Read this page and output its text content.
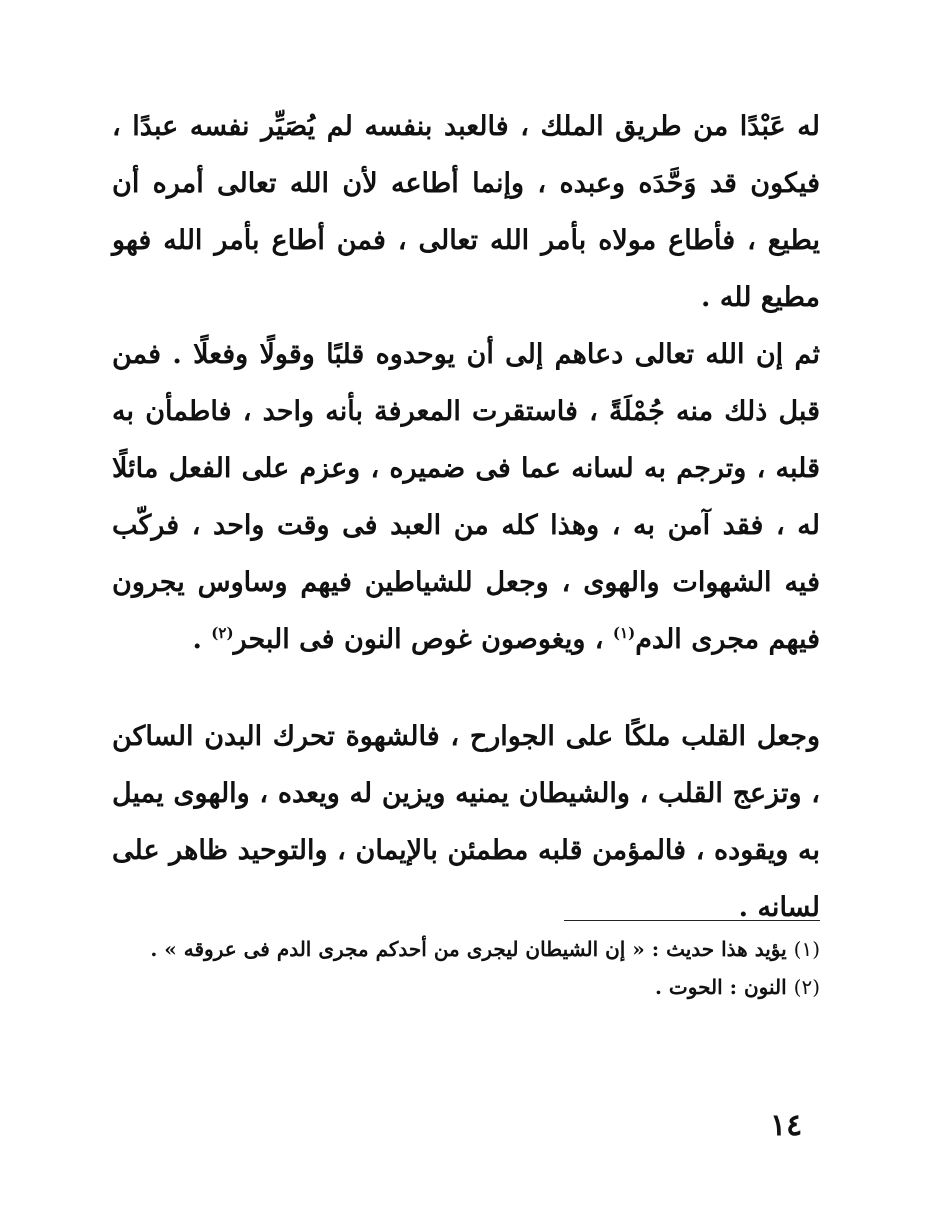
له عَبْدًا من طريق الملك ، فالعبد بنفسه لم يُصَيِّر نفسه عبدًا ، فيكون قد وَحَّدَه وعبده ، وإنما أطاعه لأن الله تعالى أمره أن يطيع ، فأطاع مولاه بأمر الله تعالى ، فمن أطاع بأمر الله فهو مطيع لله .

ثم إن الله تعالى دعاهم إلى أن يوحدوه قلبًا وقولًا وفعلًا . فمن قبل ذلك منه جُمْلَةً ، فاستقرت المعرفة بأنه واحد ، فاطمأن به قلبه ، وترجم به لسانه عما فى ضميره ، وعزم على الفعل مائلًا له ، فقد آمن به ، وهذا كله من العبد فى وقت واحد ، فركّب فيه الشهوات والهوى ، وجعل للشياطين فيهم وساوس يجرون فيهم مجرى الدم$^{(١)}$ ، ويغوصون غوص النون فى البحر$^{(٢)}$ .

وجعل القلب ملكًا على الجوارح ، فالشهوة تحرك البدن الساكن ، وتزعج القلب ، والشيطان يمنيه ويزين له ويعده ، والهوى يميل به ويقوده ، فالمؤمن قلبه مطمئن بالإيمان ، والتوحيد ظاهر على لسانه .

(١) يؤيد هذا حديث : « إن الشيطان ليجرى من أحدكم مجرى الدم فى عروقه » .

(٢) النون : الحوت .

١٤
